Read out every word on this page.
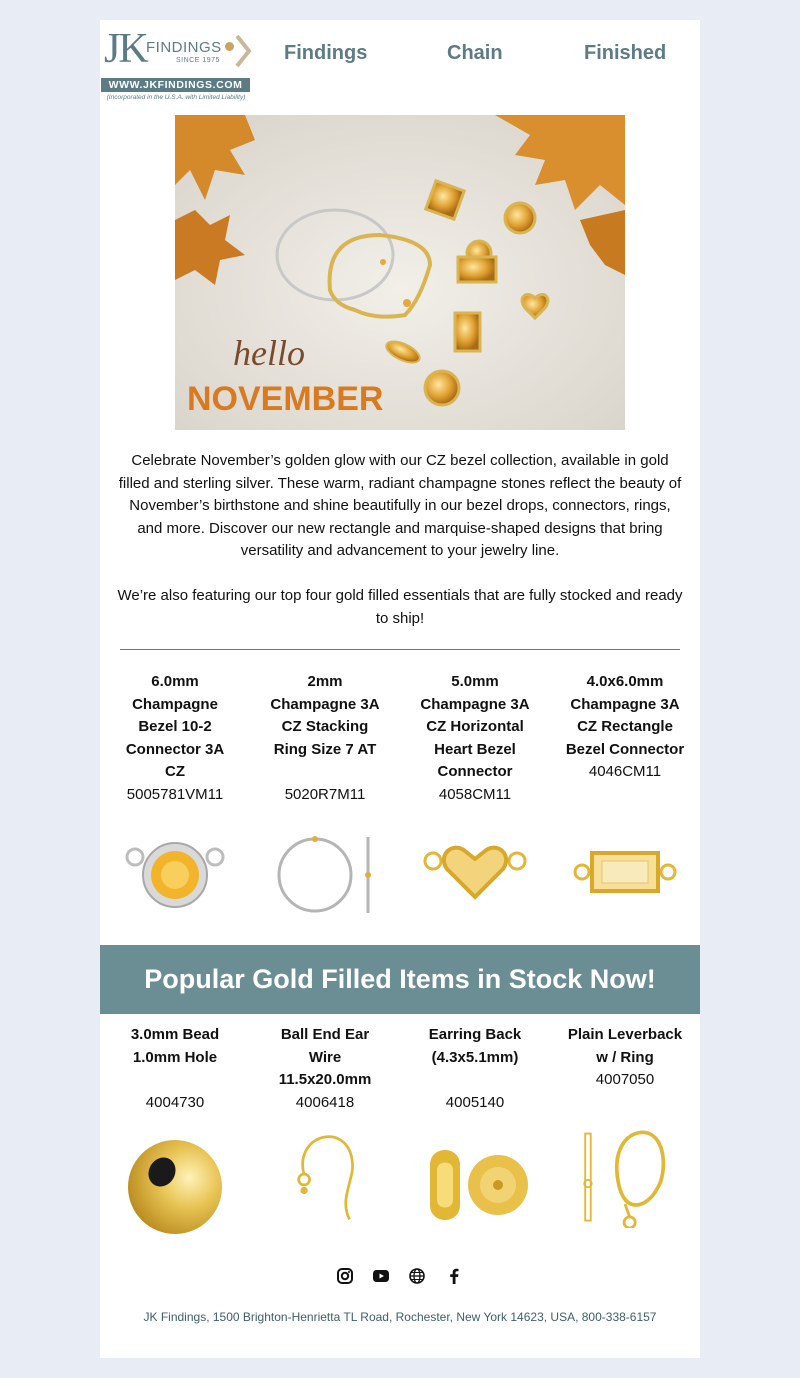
JK FINDINGS
SINCE 1975
WWW.JKFINDINGS.COM
(Incorporated in the U.S.A. with Limited Liability)
Findings	Chain	Finished
hello
NOVEMBER

Celebrate November’s golden glow with our CZ bezel collection, available in gold filled and sterling silver. These warm, radiant champagne stones reflect the beauty of November’s birthstone and shine beautifully in our bezel drops, connectors, rings, and more. Discover our new rectangle and marquise-shaped designs that bring versatility and advancement to your jewelry line.

We’re also featuring our top four gold filled essentials that are fully stocked and ready to ship!

6.0mm Champagne Bezel 10-2 Connector 3A CZ
5005781VM11
2mm Champagne 3A CZ Stacking Ring Size 7 AT
5020R7M11
5.0mm Champagne 3A CZ Horizontal Heart Bezel Connector
4058CM11
4.0x6.0mm Champagne 3A CZ Rectangle Bezel Connector
4046CM11
Popular Gold Filled Items in Stock Now!
3.0mm Bead 1.0mm Hole
4004730
Ball End Ear Wire 11.5x20.0mm
4006418
Earring Back (4.3x5.1mm)
4005140
Plain Leverback w / Ring
4007050
JK Findings, 1500 Brighton-Henrietta TL Road, Rochester, New York 14623, USA, 800-338-6157
